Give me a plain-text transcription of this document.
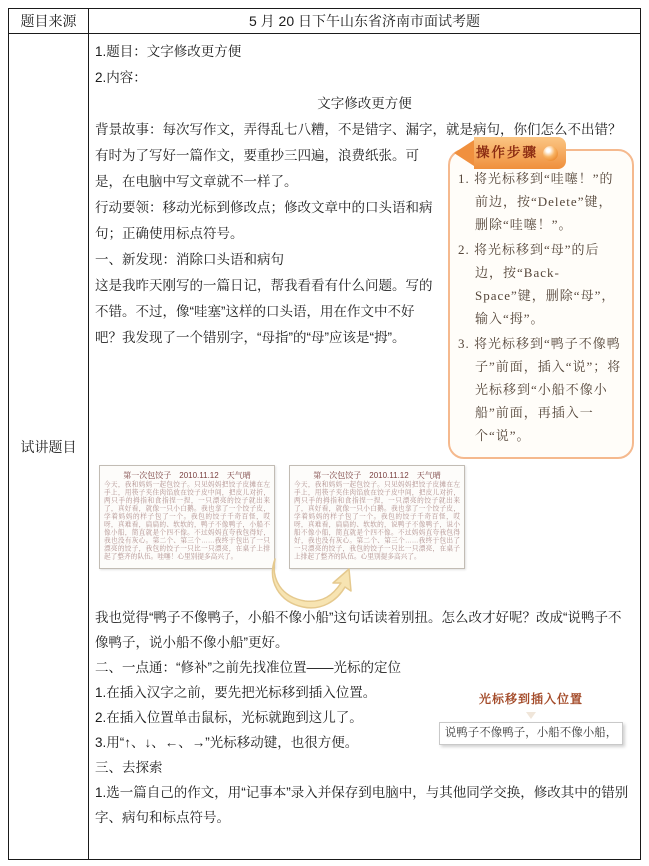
题目来源	5 月 20 日下午山东省济南市面试考题
试讲题目

1.题目：文字修改更方便

2.内容：

文字修改更方便

背景故事：每次写作文，弄得乱七八糟，不是错字、漏字，就是病句，你们怎么不出错？

操作步骤
1. 将光标移到“哇噻！”的前边，按“Delete”键，删除“哇噻！”。
2. 将光标移到“母”的后边，按“Back-Space”键，删除“母”，输入“拇”。
3. 将光标移到“鸭子不像鸭子”前面，插入“说”；将光标移到“小船不像小船”前面，再插入一个“说”。

有时为了写好一篇作文，要重抄三四遍，浪费纸张。可是，在电脑中写文章就不一样了。

行动要领：移动光标到修改点；修改文章中的口头语和病句；正确使用标点符号。

一、新发现：消除口头语和病句

这是我昨天刚写的一篇日记，帮我看看有什么问题。写的不错。不过，像“哇塞”这样的口头语，用在作文中不好吧？我发现了一个错别字，“母指”的“母”应该是“拇”。

第一次包饺子　2010.11.12　天气晴
今天，我和妈妈一起包饺子。只见妈妈把饺子皮摊在左手上，用筷子夹住肉馅放在饺子皮中间，把皮儿对折，两只手的拇指和食指捏一捏，一只漂亮的饺子就出来了，真好看，就像一只小白鹅。我也拿了一个饺子皮，学着妈妈的样子包了一个。我包的饺子千奇百怪，哎呀，真难看，扁扁的、软软的，鸭子不像鸭子，小船不像小船，简直就是个四不像。不过妈妈直夸我包得好，我也没有灰心。第二个、第三个……我终于包出了一只漂亮的饺子，我包的饺子一只比一只漂亮，在桌子上排起了整齐的队伍。哇噻！心里别提多高兴了。
第一次包饺子　2010.11.12　天气晴
今天，我和妈妈一起包饺子。只见妈妈把饺子皮摊在左手上，用筷子夹住肉馅放在饺子皮中间，把皮儿对折，两只手的拇指和食指捏一捏，一只漂亮的饺子就出来了，真好看，就像一只小白鹅。我也拿了一个饺子皮，学着妈妈的样子包了一个。我包的饺子千奇百怪，哎呀，真难看，扁扁的、软软的，说鸭子不像鸭子，说小船不像小船，简直就是个四不像。不过妈妈直夸我包得好，我也没有灰心。第二个、第三个……我终于包出了一只漂亮的饺子，我包的饺子一只比一只漂亮，在桌子上排起了整齐的队伍。心里别提多高兴了。

我也觉得“鸭子不像鸭子，小船不像小船”这句话读着别扭。怎么改才好呢？改成“说鸭子不像鸭子，说小船不像小船”更好。

二、一点通：“修补”之前先找准位置——光标的定位

1.在插入汉字之前，要先把光标移到插入位置。

2.在插入位置单击鼠标，光标就跑到这儿了。

3.用“↑、↓、←、→”光标移动键，也很方便。

三、去探索

1.选一篇自己的作文，用“记事本”录入并保存到电脑中，与其他同学交换，修改其中的错别字、病句和标点符号。

光标移到插入位置
说鸭子不像鸭子，小船不像小船，
